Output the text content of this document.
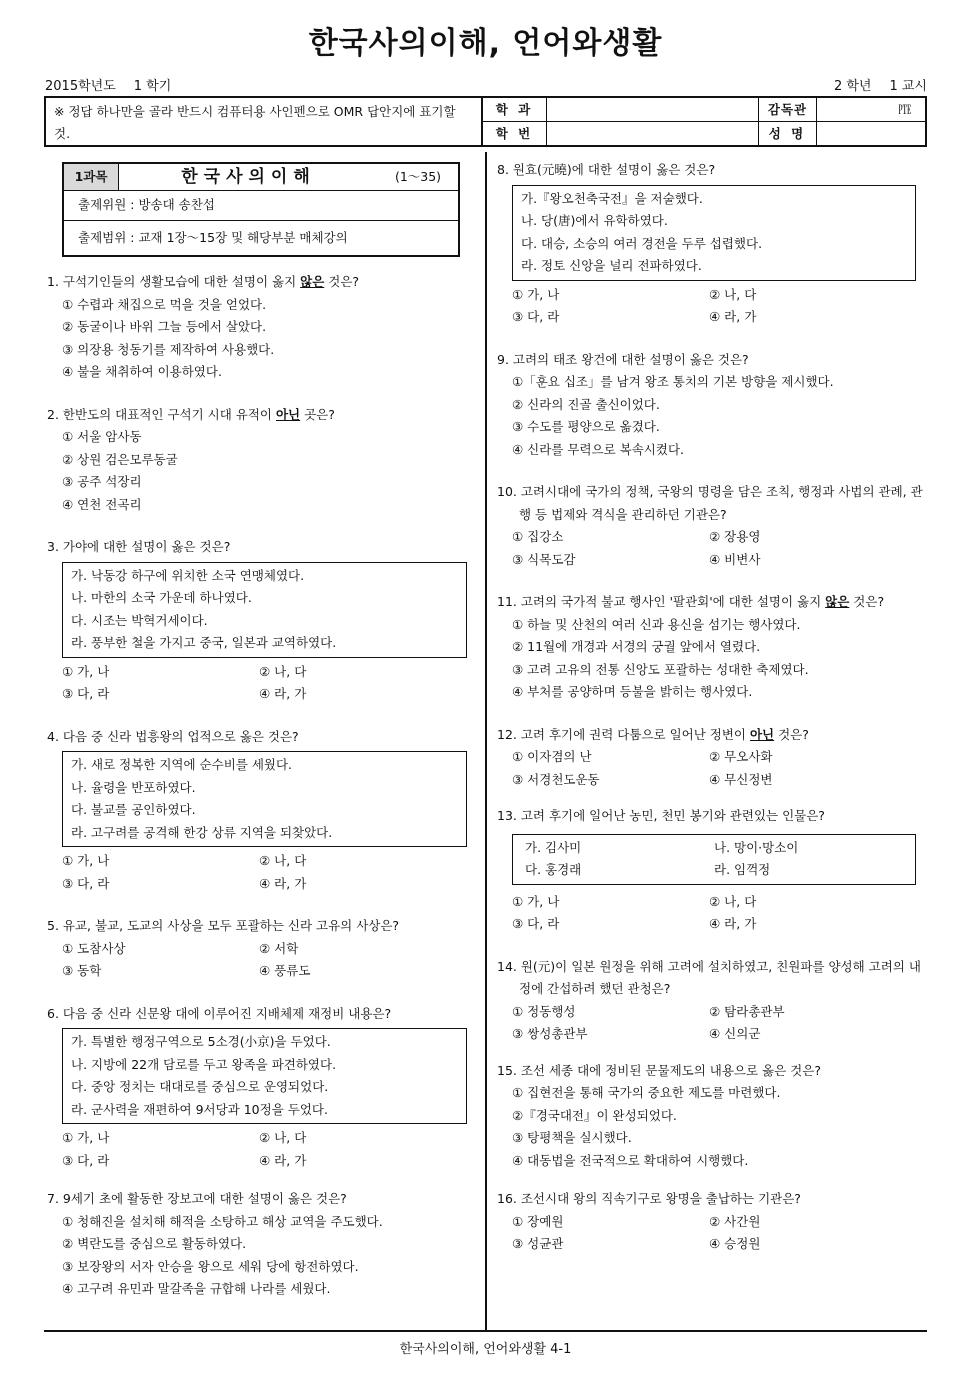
한국사의이해, 언어와생활
2015학년도 1 학기	2 학년 1 교시
※ 정답 하나만을 골라 반드시 컴퓨터용 사인펜으로 OMR 답안지에 표기할 것.
학 과	감독관	㉐
학 번	성 명
1과목	한국사의이해	(1～35)
출제위원 : 방송대 송찬섭
출제범위 : 교재 1장～15장 및 해당부분 매체강의
1. 구석기인들의 생활모습에 대한 설명이 옳지 않은 것은?
① 수렵과 채집으로 먹을 것을 얻었다.
② 동굴이나 바위 그늘 등에서 살았다.
③ 의장용 청동기를 제작하여 사용했다.
④ 불을 채취하여 이용하였다.
2. 한반도의 대표적인 구석기 시대 유적이 아닌 곳은?
① 서울 암사동
② 상원 검은모루동굴
③ 공주 석장리
④ 연천 전곡리
3. 가야에 대한 설명이 옳은 것은?
가. 낙동강 하구에 위치한 소국 연맹체였다.
나. 마한의 소국 가운데 하나였다.
다. 시조는 박혁거세이다.
라. 풍부한 철을 가지고 중국, 일본과 교역하였다.
① 가, 나	② 나, 다
③ 다, 라	④ 라, 가
4. 다음 중 신라 법흥왕의 업적으로 옳은 것은?
가. 새로 정복한 지역에 순수비를 세웠다.
나. 율령을 반포하였다.
다. 불교를 공인하였다.
라. 고구려를 공격해 한강 상류 지역을 되찾았다.
① 가, 나	② 나, 다
③ 다, 라	④ 라, 가
5. 유교, 불교, 도교의 사상을 모두 포괄하는 신라 고유의 사상은?
① 도참사상	② 서학
③ 동학	④ 풍류도
6. 다음 중 신라 신문왕 대에 이루어진 지배체제 재정비 내용은?
가. 특별한 행정구역으로 5소경(小京)을 두었다.
나. 지방에 22개 담로를 두고 왕족을 파견하였다.
다. 중앙 정치는 대대로를 중심으로 운영되었다.
라. 군사력을 재편하여 9서당과 10정을 두었다.
① 가, 나	② 나, 다
③ 다, 라	④ 라, 가
7. 9세기 초에 활동한 장보고에 대한 설명이 옳은 것은?
① 청해진을 설치해 해적을 소탕하고 해상 교역을 주도했다.
② 벽란도를 중심으로 활동하였다.
③ 보장왕의 서자 안승을 왕으로 세워 당에 항전하였다.
④ 고구려 유민과 말갈족을 규합해 나라를 세웠다.
8. 원효(元曉)에 대한 설명이 옳은 것은?
가.『왕오천축국전』을 저술했다.
나. 당(唐)에서 유학하였다.
다. 대승, 소승의 여러 경전을 두루 섭렵했다.
라. 정토 신앙을 널리 전파하였다.
① 가, 나	② 나, 다
③ 다, 라	④ 라, 가
9. 고려의 태조 왕건에 대한 설명이 옳은 것은?
①「훈요 십조」를 남겨 왕조 통치의 기본 방향을 제시했다.
② 신라의 진골 출신이었다.
③ 수도를 평양으로 옮겼다.
④ 신라를 무력으로 복속시켰다.
10. 고려시대에 국가의 정책, 국왕의 명령을 담은 조칙, 행정과 사법의 관례, 관행 등 법제와 격식을 관리하던 기관은?
① 집강소	② 장용영
③ 식목도감	④ 비변사
11. 고려의 국가적 불교 행사인 '팔관회'에 대한 설명이 옳지 않은 것은?
① 하늘 및 산천의 여러 신과 용신을 섬기는 행사였다.
② 11월에 개경과 서경의 궁궐 앞에서 열렸다.
③ 고려 고유의 전통 신앙도 포괄하는 성대한 축제였다.
④ 부처를 공양하며 등불을 밝히는 행사였다.
12. 고려 후기에 권력 다툼으로 일어난 정변이 아닌 것은?
① 이자겸의 난	② 무오사화
③ 서경천도운동	④ 무신정변
13. 고려 후기에 일어난 농민, 천민 봉기와 관련있는 인물은?
가. 김사미	나. 망이·망소이
다. 홍경래	라. 임꺽정
① 가, 나	② 나, 다
③ 다, 라	④ 라, 가
14. 원(元)이 일본 원정을 위해 고려에 설치하였고, 친원파를 양성해 고려의 내정에 간섭하려 했던 관청은?
① 정동행성	② 탐라총관부
③ 쌍성총관부	④ 신의군
15. 조선 세종 대에 정비된 문물제도의 내용으로 옳은 것은?
① 집현전을 통해 국가의 중요한 제도를 마련했다.
②『경국대전』이 완성되었다.
③ 탕평책을 실시했다.
④ 대동법을 전국적으로 확대하여 시행했다.
16. 조선시대 왕의 직속기구로 왕명을 출납하는 기관은?
① 장예원	② 사간원
③ 성균관	④ 승정원
한국사의이해, 언어와생활 4-1
